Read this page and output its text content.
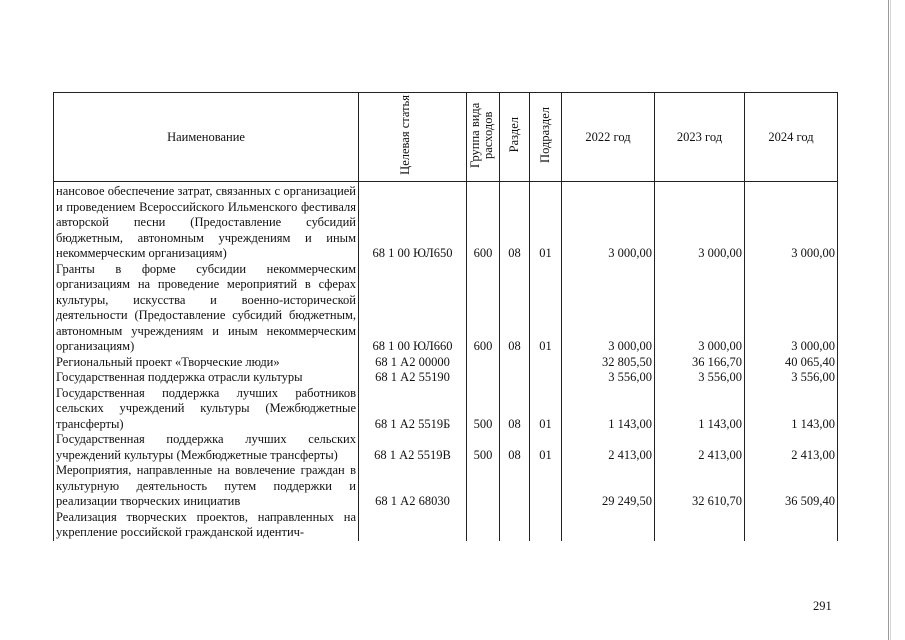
Наименование	Целевая статья	Группа вида расходов	Раздел	Подраздел	2022 год	2023 год	2024 год
нансовое обеспечение затрат, связанных с организацией и проведением Всероссийского Ильменского фестиваля авторской песни (Предоставление субсидий бюджетным, автономным учреждениям и иным некоммерческим организациям)	68 1 00 ЮЛ650	600	08	01	3 000,00	3 000,00	3 000,00
Гранты в форме субсидии некоммерческим организациям на проведение мероприятий в сферах культуры, искусства и военно-исторической деятельности (Предоставление субсидий бюджетным, автономным учреждениям и иным некоммерческим организациям)	68 1 00 ЮЛ660	600	08	01	3 000,00	3 000,00	3 000,00
Региональный проект «Творческие люди»	68 1 А2 00000				32 805,50	36 166,70	40 065,40
Государственная поддержка отрасли культуры	68 1 А2 55190				3 556,00	3 556,00	3 556,00
Государственная поддержка лучших работников сельских учреждений культуры (Межбюджетные трансферты)	68 1 А2 5519Б	500	08	01	1 143,00	1 143,00	1 143,00
Государственная поддержка лучших сельских учреждений культуры (Межбюджетные трансферты)	68 1 А2 5519В	500	08	01	2 413,00	2 413,00	2 413,00
Мероприятия, направленные на вовлечение граждан в культурную деятельность путем поддержки и реализации творческих инициатив	68 1 А2 68030				29 249,50	32 610,70	36 509,40
Реализация творческих проектов, направленных на укрепление российской гражданской идентич-							
291
